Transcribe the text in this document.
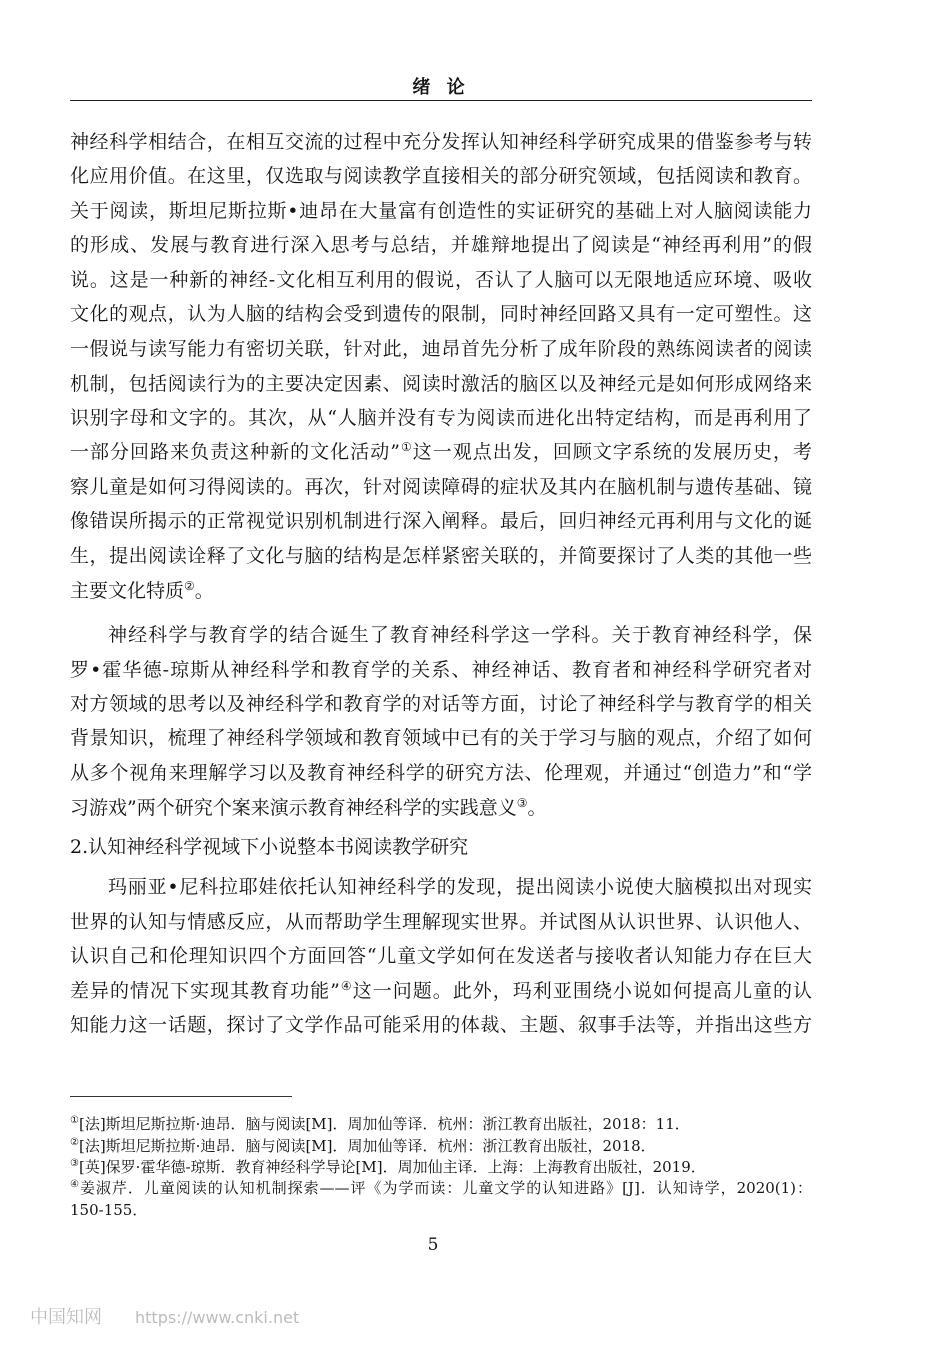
绪 论
神经科学相结合，在相互交流的过程中充分发挥认知神经科学研究成果的借鉴参考与转
化应用价值。在这里，仅选取与阅读教学直接相关的部分研究领域，包括阅读和教育。
关于阅读，斯坦尼斯拉斯•迪昂在大量富有创造性的实证研究的基础上对人脑阅读能力
的形成、发展与教育进行深入思考与总结，并雄辩地提出了阅读是“神经再利用”的假
说。这是一种新的神经-文化相互利用的假说，否认了人脑可以无限地适应环境、吸收
文化的观点，认为人脑的结构会受到遗传的限制，同时神经回路又具有一定可塑性。这
一假说与读写能力有密切关联，针对此，迪昂首先分析了成年阶段的熟练阅读者的阅读
机制，包括阅读行为的主要决定因素、阅读时激活的脑区以及神经元是如何形成网络来
识别字母和文字的。其次，从“人脑并没有专为阅读而进化出特定结构，而是再利用了
一部分回路来负责这种新的文化活动”①这一观点出发，回顾文字系统的发展历史，考
察儿童是如何习得阅读的。再次，针对阅读障碍的症状及其内在脑机制与遗传基础、镜
像错误所揭示的正常视觉识别机制进行深入阐释。最后，回归神经元再利用与文化的诞
生，提出阅读诠释了文化与脑的结构是怎样紧密关联的，并简要探讨了人类的其他一些
主要文化特质②。
神经科学与教育学的结合诞生了教育神经科学这一学科。关于教育神经科学，保
罗•霍华德-琼斯从神经科学和教育学的关系、神经神话、教育者和神经科学研究者对
对方领域的思考以及神经科学和教育学的对话等方面，讨论了神经科学与教育学的相关
背景知识，梳理了神经科学领域和教育领域中已有的关于学习与脑的观点，介绍了如何
从多个视角来理解学习以及教育神经科学的研究方法、伦理观，并通过“创造力”和“学
习游戏”两个研究个案来演示教育神经科学的实践意义③。
2.认知神经科学视域下小说整本书阅读教学研究
玛丽亚•尼科拉耶娃依托认知神经科学的发现，提出阅读小说使大脑模拟出对现实
世界的认知与情感反应，从而帮助学生理解现实世界。并试图从认识世界、认识他人、
认识自己和伦理知识四个方面回答“儿童文学如何在发送者与接收者认知能力存在巨大
差异的情况下实现其教育功能”④这一问题。此外，玛利亚围绕小说如何提高儿童的认
知能力这一话题，探讨了文学作品可能采用的体裁、主题、叙事手法等，并指出这些方
①[法]斯坦尼斯拉斯·迪昂．脑与阅读[M]．周加仙等译．杭州：浙江教育出版社，2018：11．
②[法]斯坦尼斯拉斯·迪昂．脑与阅读[M]．周加仙等译．杭州：浙江教育出版社，2018．
③[英]保罗·霍华德-琼斯．教育神经科学导论[M]．周加仙主译．上海：上海教育出版社，2019．
④姜淑芹．儿童阅读的认知机制探索——评《为学而读：儿童文学的认知进路》[J]．认知诗学，2020(1)：
150-155．
5
中国知网 https://www.cnki.net
